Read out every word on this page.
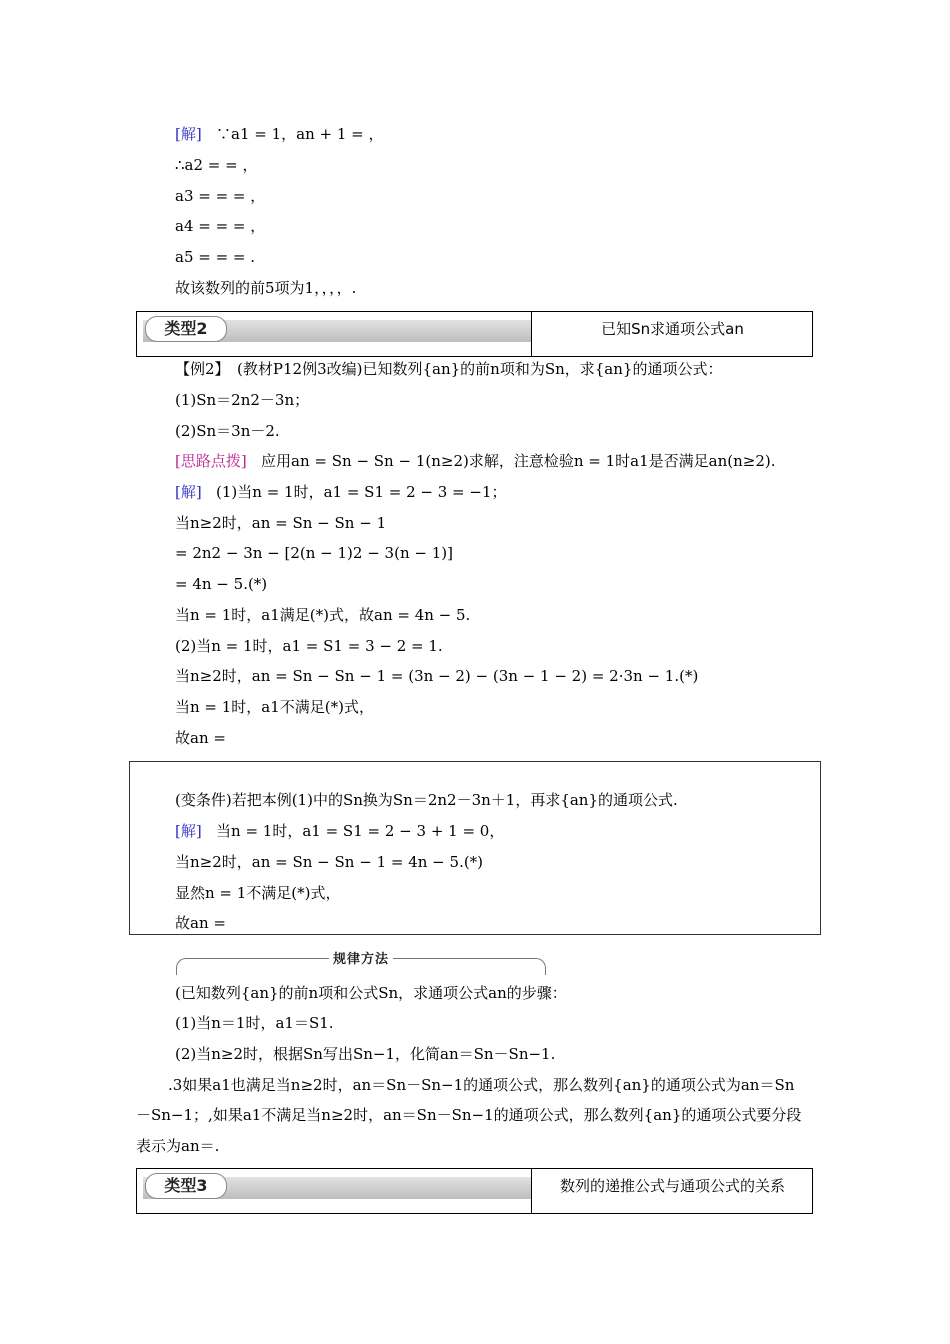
[解] ∵a1 = 1，an + 1 = ，
∴a2 = = ，
a3 = = = ，
a4 = = = ，
a5 = = = .
故该数列的前5项为1，，，，.
类型2	已知Sn求通项公式an
【例2】　(教材P12例3改编)已知数列{an}的前n项和为Sn，求{an}的通项公式：
(1)Sn＝2n2－3n；
(2)Sn＝3n－2.
[思路点拨] 应用an = Sn − Sn − 1(n≥2)求解，注意检验n = 1时a1是否满足an(n≥2).
[解] (1)当n = 1时，a1 = S1 = 2 − 3 = −1；
当n≥2时，an = Sn − Sn − 1
= 2n2 − 3n − [2(n − 1)2 − 3(n − 1)]
= 4n − 5.(*)
当n = 1时，a1满足(*)式，故an = 4n − 5.
(2)当n = 1时，a1 = S1 = 3 − 2 = 1.
当n≥2时，an = Sn − Sn − 1 = (3n − 2) − (3n − 1 − 2) = 2·3n − 1.(*)
当n = 1时，a1不满足(*)式，
故an =
(变条件)若把本例(1)中的Sn换为Sn＝2n2－3n＋1，再求{an}的通项公式.
[解] 当n = 1时，a1 = S1 = 2 − 3 + 1 = 0，
当n≥2时，an = Sn − Sn − 1 = 4n − 5.(*)
显然n = 1不满足(*)式，
故an =
规律方法
(已知数列{an}的前n项和公式Sn，求通项公式an的步骤：
(1)当n＝1时，a1＝S1.
(2)当n≥2时，根据Sn写出Sn−1，化简an＝Sn－Sn−1.
.3如果a1也满足当n≥2时，an＝Sn－Sn−1的通项公式，那么数列{an}的通项公式为an＝Sn
－Sn−1；,如果a1不满足当n≥2时，an＝Sn－Sn−1的通项公式，那么数列{an}的通项公式要分段
表示为an＝.
类型3	数列的递推公式与通项公式的关系
